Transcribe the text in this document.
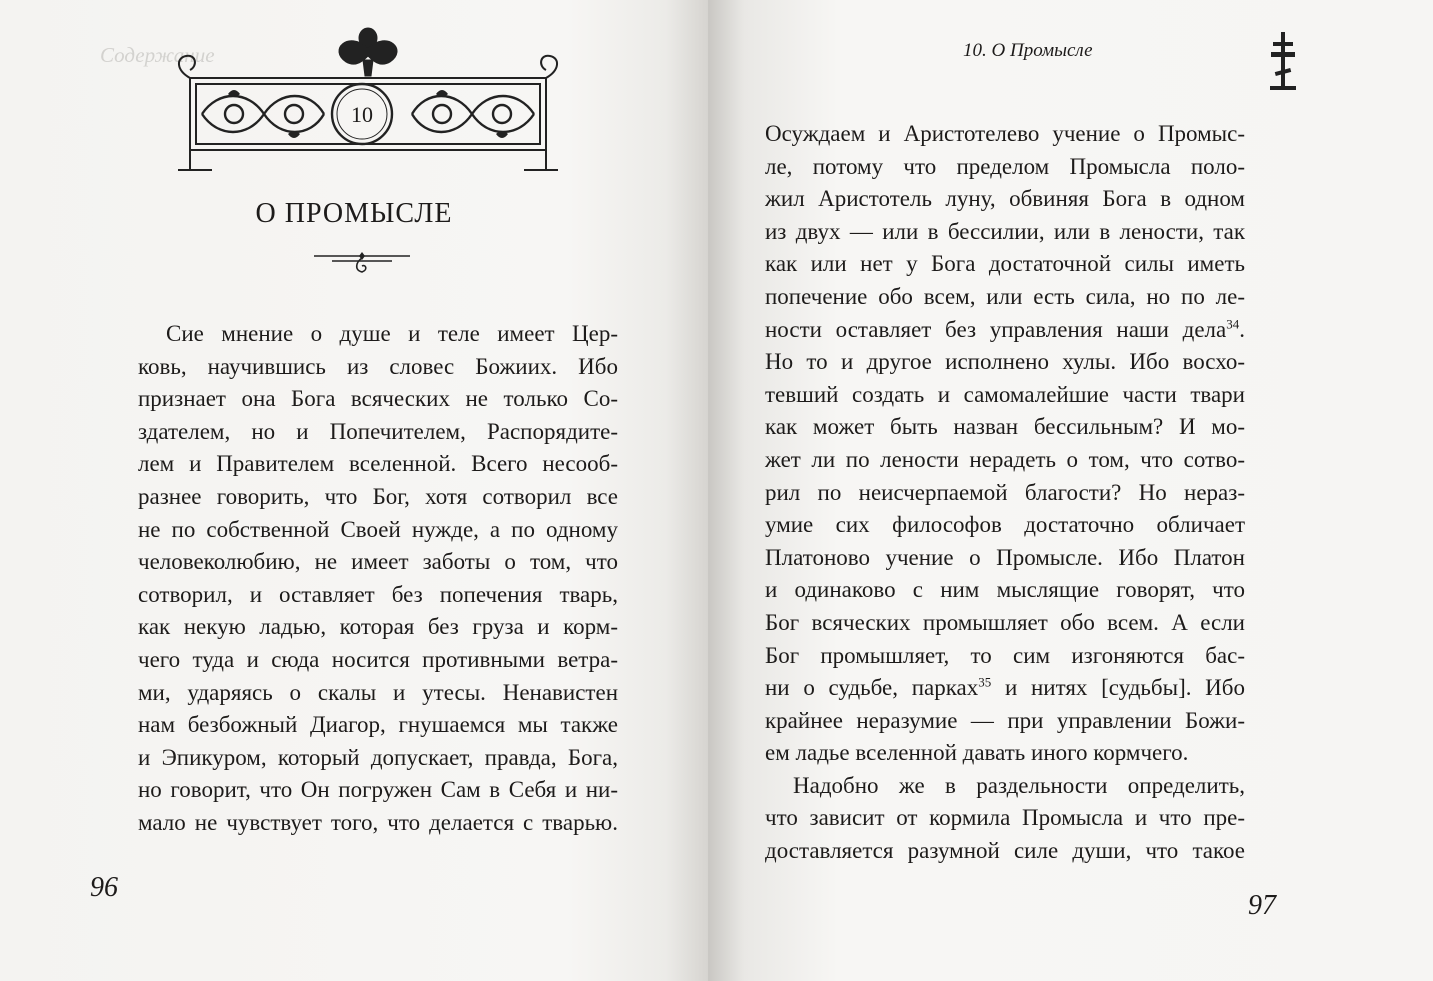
Содержание
10
О ПРОМЫСЛЕ

Сие мнение о душе и теле имеет Цер-

ковь, научившись из словес Божиих. Ибо
признает она Бога всяческих не только Со-
здателем, но и Попечителем, Распорядите-
лем и Правителем вселенной. Всего несооб-
разнее говорить, что Бог, хотя сотворил все
не по собственной Своей нужде, а по одному
человеколюбию, не имеет заботы о том, что
сотворил, и оставляет без попечения тварь,
как некую ладью, которая без груза и корм-
чего туда и сюда носится противными ветра-
ми, ударяясь о скалы и утесы. Ненавистен
нам безбожный Диагор, гнушаемся мы также
и Эпикуром, который допускает, правда, Бога,
но говорит, что Он погружен Сам в Себя и ни-
мало не чувствует того, что делается с тварью.
96
10. О Промысле
Осуждаем и Аристотелево учение о Промыс-
ле, потому что пределом Промысла поло-
жил Аристотель луну, обвиняя Бога в одном
из двух — или в бессилии, или в лености, так
как или нет у Бога достаточной силы иметь
попечение обо всем, или есть сила, но по ле-
ности оставляет без управления наши дела$^{34}$.
Но то и другое исполнено хулы. Ибо восхо-
тевший создать и самомалейшие части твари
как может быть назван бессильным? И мо-
жет ли по лености нерадеть о том, что сотво-
рил по неисчерпаемой благости? Но нераз-
умие сих философов достаточно обличает
Платоново учение о Промысле. Ибо Платон
и одинаково с ним мыслящие говорят, что
Бог всяческих промышляет обо всем. А если
Бог промышляет, то сим изгоняются бас-
ни о судьбе, парках$^{35}$ и нитях [судьбы]. Ибо
крайнее неразумие — при управлении Божи-
ем ладье вселенной давать иного кормчего.

Надобно же в раздельности определить,

что зависит от кормила Промысла и что пре-
доставляется разумной силе души, что такое
97
